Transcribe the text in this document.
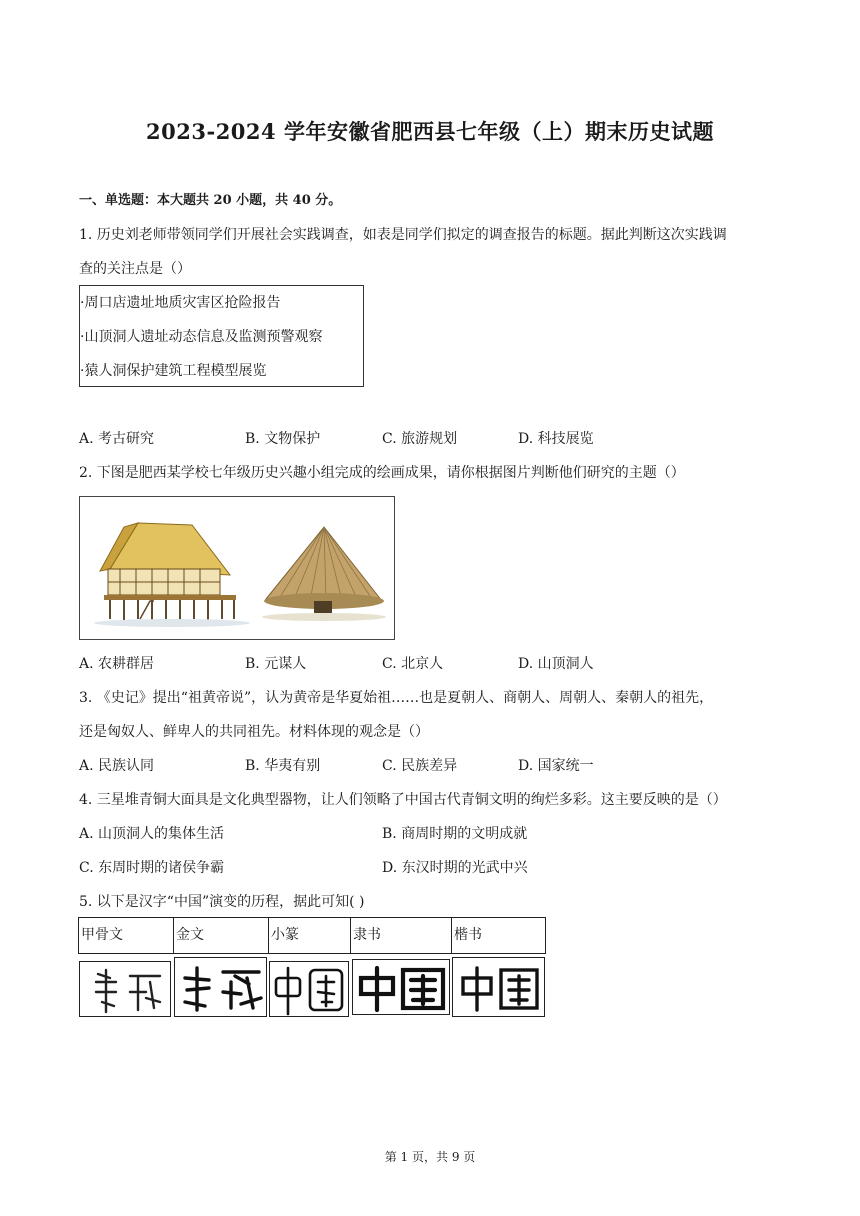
2023-2024 学年安徽省肥西县七年级（上）期末历史试题
一、单选题：本大题共 20 小题，共 40 分。
1. 历史刘老师带领同学们开展社会实践调查，如表是同学们拟定的调查报告的标题。据此判断这次实践调
查的关注点是（）
·周口店遗址地质灾害区抢险报告
·山顶洞人遗址动态信息及监测预警观察
·猿人洞保护建筑工程模型展览
A. 考古研究	B. 文物保护	C. 旅游规划	D. 科技展览
2. 下图是肥西某学校七年级历史兴趣小组完成的绘画成果，请你根据图片判断他们研究的主题（）
A. 农耕群居	B. 元谋人	C. 北京人	D. 山顶洞人
3. 《史记》提出“祖黄帝说”，认为黄帝是华夏始祖……也是夏朝人、商朝人、周朝人、秦朝人的祖先，
还是匈奴人、鲜卑人的共同祖先。材料体现的观念是（）
A. 民族认同	B. 华夷有别	C. 民族差异	D. 国家统一
4. 三星堆青铜大面具是文化典型器物，让人们领略了中国古代青铜文明的绚烂多彩。这主要反映的是（）
A. 山顶洞人的集体生活	B. 商周时期的文明成就
C. 东周时期的诸侯争霸	D. 东汉时期的光武中兴
5. 以下是汉字“中国”演变的历程，据此可知( )
甲骨文	金文	小篆	隶书	楷书
第 1 页，共 9 页
